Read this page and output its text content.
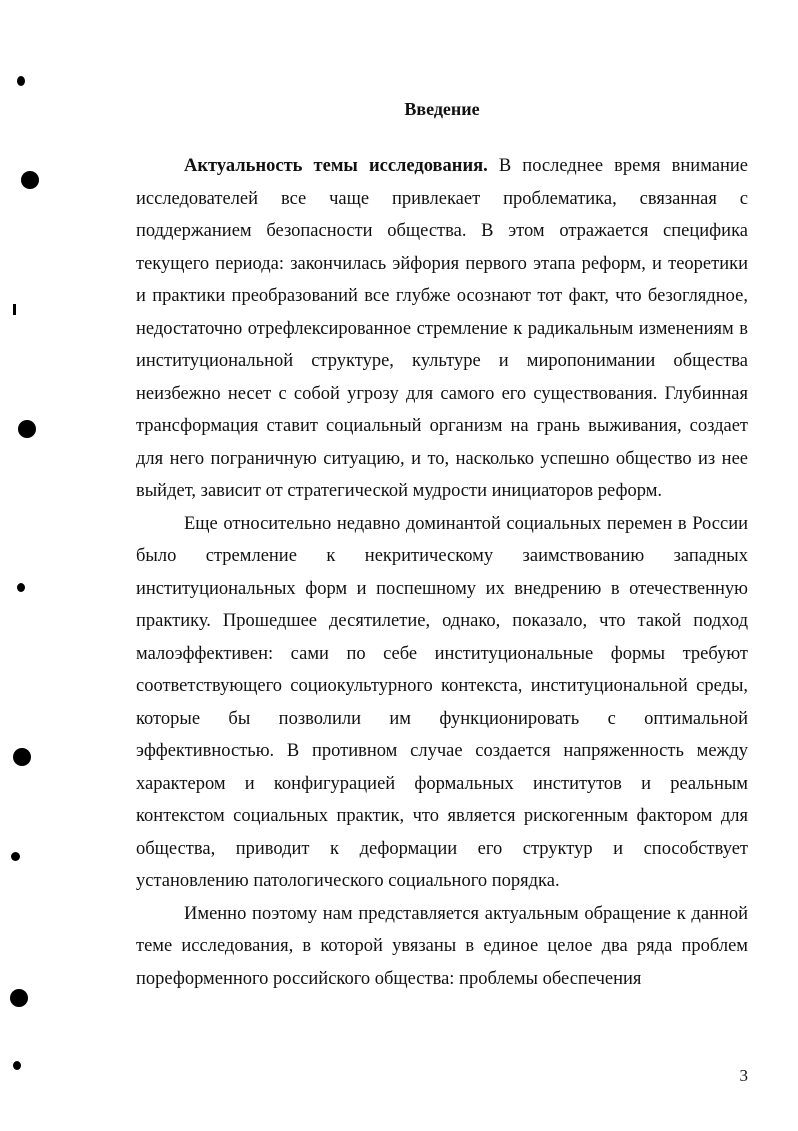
Введение

Актуальность темы исследования. В последнее время внимание исследователей все чаще привлекает проблематика, связанная с поддержанием безопасности общества. В этом отражается специфика текущего периода: закончилась эйфория первого этапа реформ, и теоретики и практики преобразований все глубже осознают тот факт, что безоглядное, недостаточно отрефлексированное стремление к радикальным изменениям в институциональной структуре, культуре и миропонимании общества неизбежно несет с собой угрозу для самого его существования. Глубинная трансформация ставит социальный организм на грань выживания, создает для него пограничную ситуацию, и то, насколько успешно общество из нее выйдет, зависит от стратегической мудрости инициаторов реформ.

Еще относительно недавно доминантой социальных перемен в России было стремление к некритическому заимствованию западных институциональных форм и поспешному их внедрению в отечественную практику. Прошедшее десятилетие, однако, показало, что такой подход малоэффективен: сами по себе институциональные формы требуют соответствующего социокультурного контекста, институциональной среды, которые бы позволили им функционировать с оптимальной эффективностью. В противном случае создается напряженность между характером и конфигурацией формальных институтов и реальным контекстом социальных практик, что является рискогенным фактором для общества, приводит к деформации его структур и способствует установлению патологического социального порядка.

Именно поэтому нам представляется актуальным обращение к данной теме исследования, в которой увязаны в единое целое два ряда проблем пореформенного российского общества: проблемы обеспечения

3
